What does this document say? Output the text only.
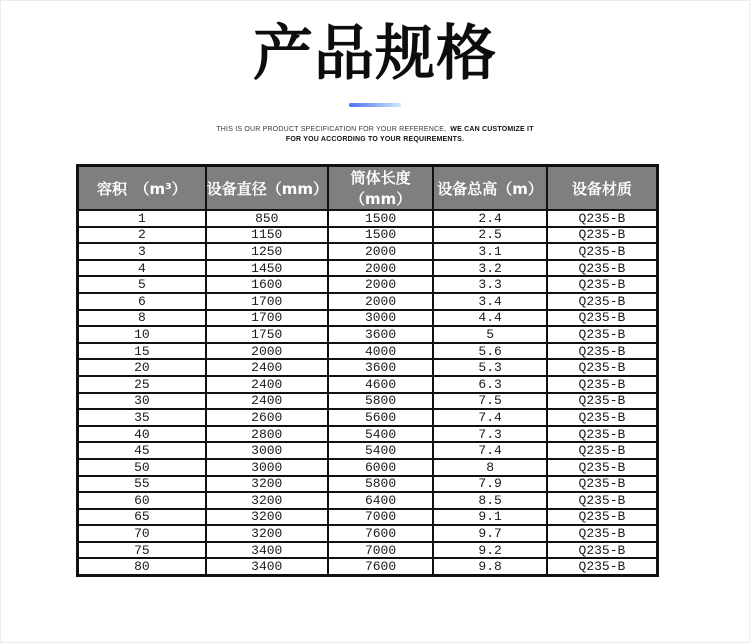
产品规格

THIS IS OUR PRODUCT SPECIFICATION FOR YOUR REFERENCE, WE CAN CUSTOMIZE IT
FOR YOU ACCORDING TO YOUR REQUIREMENTS.

容积　（m³）	设备直径（mm）	筒体长度（mm）	设备总高（m）	设备材质
1	850	1500	2.4	Q235-B
2	1150	1500	2.5	Q235-B
3	1250	2000	3.1	Q235-B
4	1450	2000	3.2	Q235-B
5	1600	2000	3.3	Q235-B
6	1700	2000	3.4	Q235-B
8	1700	3000	4.4	Q235-B
10	1750	3600	5	Q235-B
15	2000	4000	5.6	Q235-B
20	2400	3600	5.3	Q235-B
25	2400	4600	6.3	Q235-B
30	2400	5800	7.5	Q235-B
35	2600	5600	7.4	Q235-B
40	2800	5400	7.3	Q235-B
45	3000	5400	7.4	Q235-B
50	3000	6000	8	Q235-B
55	3200	5800	7.9	Q235-B
60	3200	6400	8.5	Q235-B
65	3200	7000	9.1	Q235-B
70	3200	7600	9.7	Q235-B
75	3400	7000	9.2	Q235-B
80	3400	7600	9.8	Q235-B
